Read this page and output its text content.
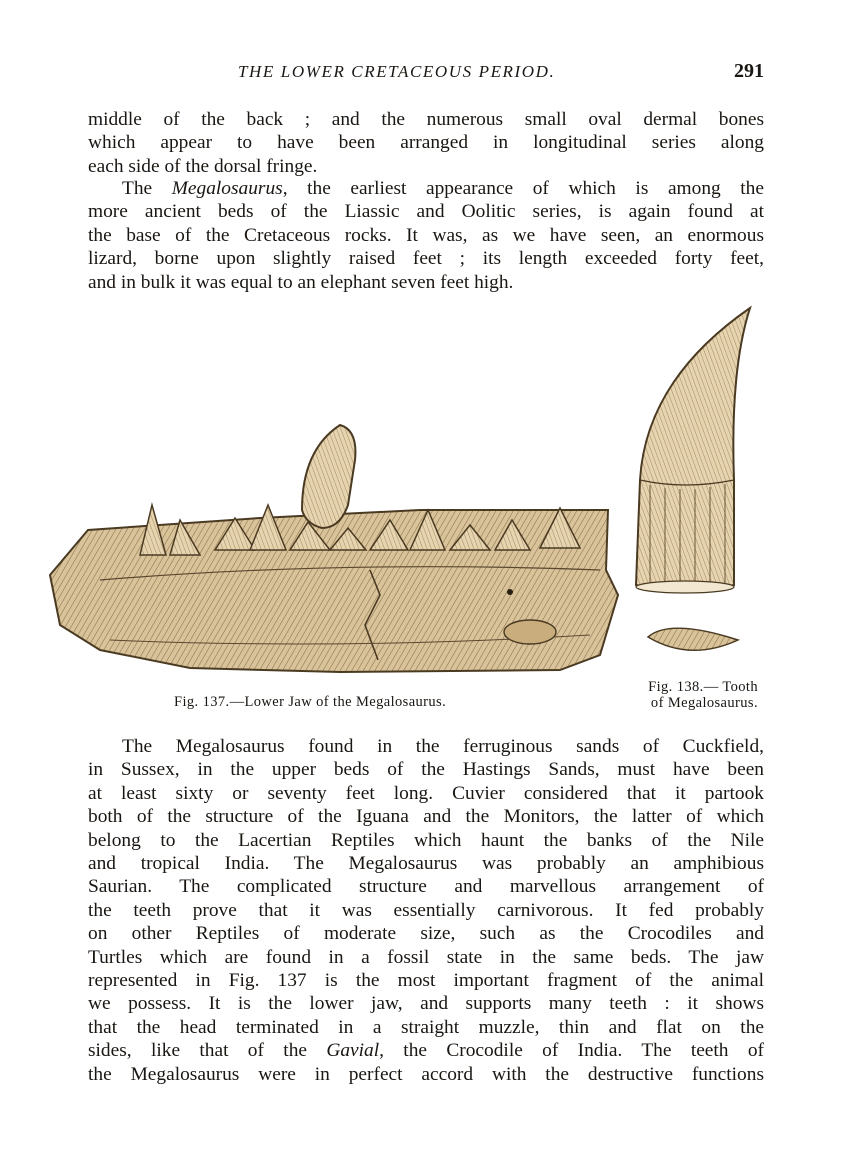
THE LOWER CRETACEOUS PERIOD.	291

middle of the back ; and the numerous small oval dermal bones
which appear to have been arranged in longitudinal series along
each side of the dorsal fringe.

The Megalosaurus, the earliest appearance of which is among the
more ancient beds of the Liassic and Oolitic series, is again found at
the base of the Cretaceous rocks. It was, as we have seen, an enormous
lizard, borne upon slightly raised feet ; its length exceeded forty feet,
and in bulk it was equal to an elephant seven feet high.

Fig. 137.—Lower Jaw of the Megalosaurus.
Fig. 138.— Tooth
of Megalosaurus.

The Megalosaurus found in the ferruginous sands of Cuckfield,
in Sussex, in the upper beds of the Hastings Sands, must have been
at least sixty or seventy feet long. Cuvier considered that it partook
both of the structure of the Iguana and the Monitors, the latter of which
belong to the Lacertian Reptiles which haunt the banks of the Nile
and tropical India. The Megalosaurus was probably an amphibious
Saurian. The complicated structure and marvellous arrangement of
the teeth prove that it was essentially carnivorous. It fed probably
on other Reptiles of moderate size, such as the Crocodiles and
Turtles which are found in a fossil state in the same beds. The jaw
represented in Fig. 137 is the most important fragment of the animal
we possess. It is the lower jaw, and supports many teeth : it shows
that the head terminated in a straight muzzle, thin and flat on the
sides, like that of the Gavial, the Crocodile of India. The teeth of
the Megalosaurus were in perfect accord with the destructive functions
